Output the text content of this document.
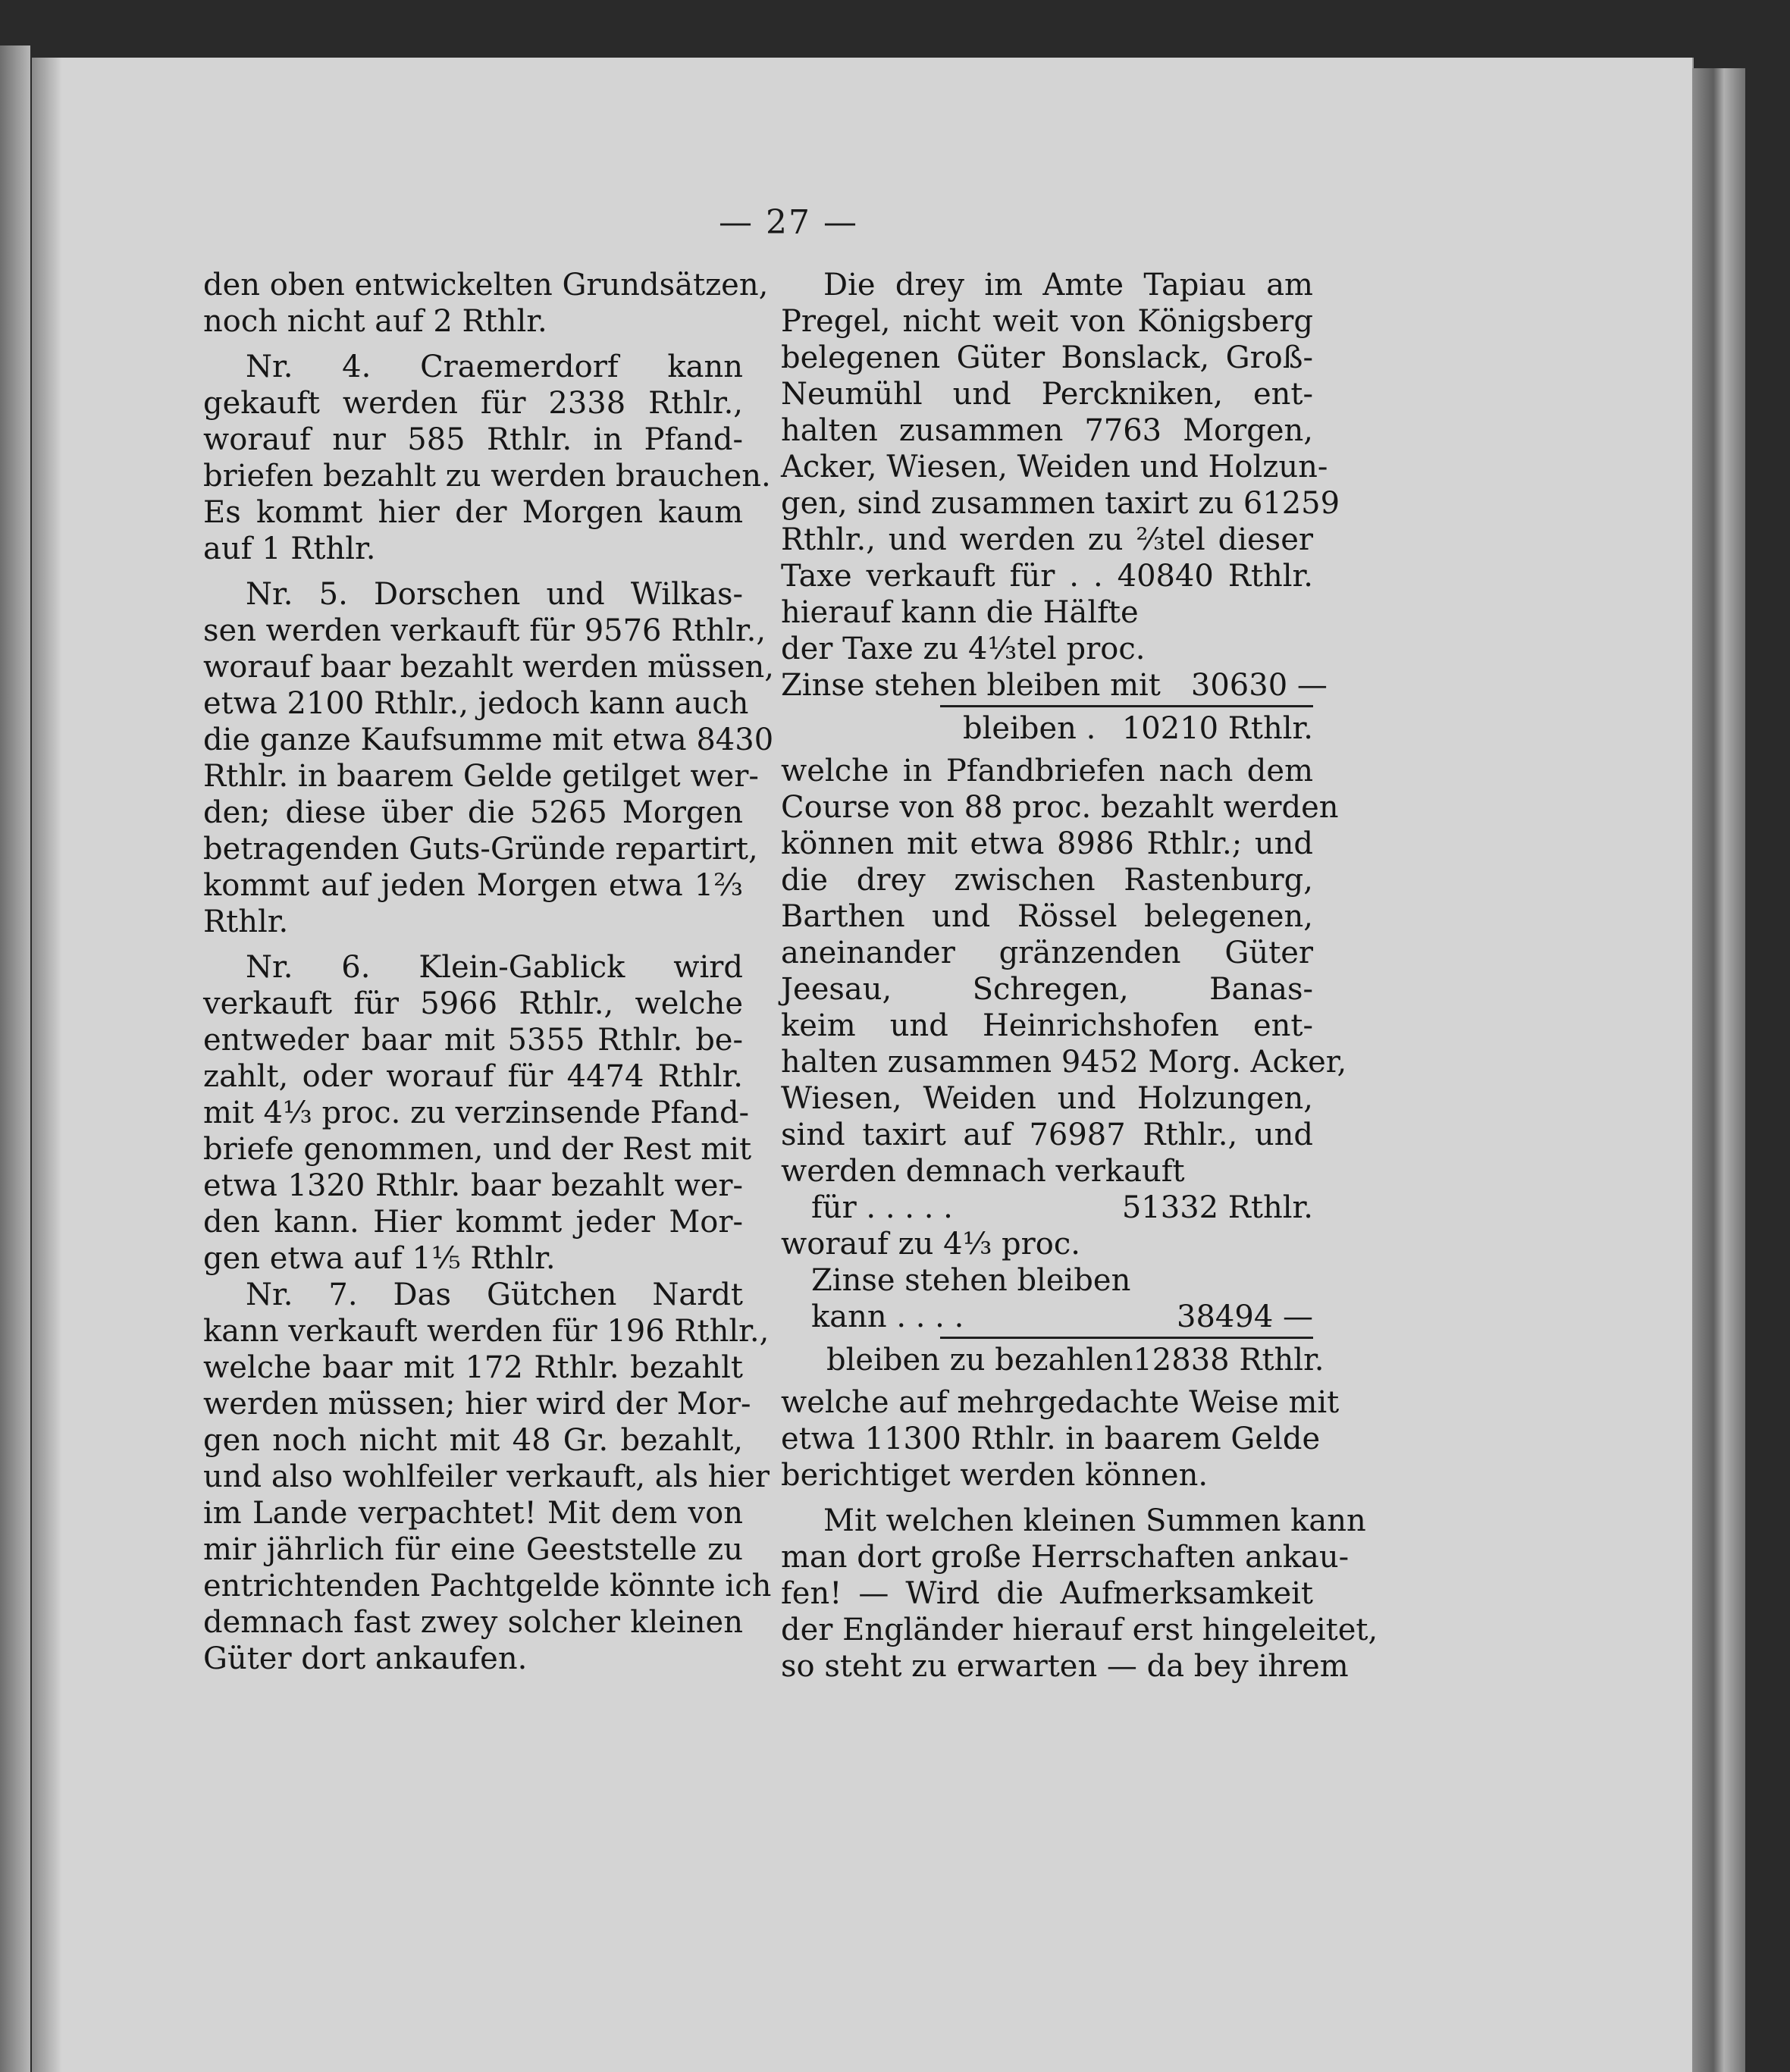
— 27 —
den oben entwickelten Grundsätzen,
noch nicht auf 2 Rthlr.
Nr. 4. Craemerdorf kann
gekauft werden für 2338 Rthlr.,
worauf nur 585 Rthlr. in Pfand-
briefen bezahlt zu werden brauchen.
Es kommt hier der Morgen kaum
auf 1 Rthlr.
Nr. 5. Dorschen und Wilkas-
sen werden verkauft für 9576 Rthlr.,
worauf baar bezahlt werden müssen,
etwa 2100 Rthlr., jedoch kann auch
die ganze Kaufsumme mit etwa 8430
Rthlr. in baarem Gelde getilget wer-
den; diese über die 5265 Morgen
betragenden Guts-Gründe repartirt,
kommt auf jeden Morgen etwa 1⅔
Rthlr.
Nr. 6. Klein-Gablick wird
verkauft für 5966 Rthlr., welche
entweder baar mit 5355 Rthlr. be-
zahlt, oder worauf für 4474 Rthlr.
mit 4⅓ proc. zu verzinsende Pfand-
briefe genommen, und der Rest mit
etwa 1320 Rthlr. baar bezahlt wer-
den kann. Hier kommt jeder Mor-
gen etwa auf 1⅕ Rthlr.
Nr. 7. Das Gütchen Nardt
kann verkauft werden für 196 Rthlr.,
welche baar mit 172 Rthlr. bezahlt
werden müssen; hier wird der Mor-
gen noch nicht mit 48 Gr. bezahlt,
und also wohlfeiler verkauft, als hier
im Lande verpachtet! Mit dem von
mir jährlich für eine Geeststelle zu
entrichtenden Pachtgelde könnte ich
demnach fast zwey solcher kleinen
Güter dort ankaufen.
Die drey im Amte Tapiau am
Pregel, nicht weit von Königsberg
belegenen Güter Bonslack, Groß-
Neumühl und Perckniken, ent-
halten zusammen 7763 Morgen,
Acker, Wiesen, Weiden und Holzun-
gen, sind zusammen taxirt zu 61259
Rthlr., und werden zu ⅔tel dieser
Taxe verkauft für . . 40840 Rthlr.
hierauf kann die Hälfte
der Taxe zu 4⅓tel proc.
Zinse stehen bleiben mit	30630 —
bleiben . 10210 Rthlr.
welche in Pfandbriefen nach dem
Course von 88 proc. bezahlt werden
können mit etwa 8986 Rthlr.; und
die drey zwischen Rastenburg,
Barthen und Rössel belegenen,
aneinander gränzenden Güter
Jeesau, Schregen, Banas-
keim und Heinrichshofen ent-
halten zusammen 9452 Morg. Acker,
Wiesen, Weiden und Holzungen,
sind taxirt auf 76987 Rthlr., und
werden demnach verkauft
für . . . . .	51332 Rthlr.
worauf zu 4⅓ proc.
Zinse stehen bleiben
kann . . . .	38494 —
bleiben zu bezahlen 12838 Rthlr.
welche auf mehrgedachte Weise mit
etwa 11300 Rthlr. in baarem Gelde
berichtiget werden können.
Mit welchen kleinen Summen kann
man dort große Herrschaften ankau-
fen! — Wird die Aufmerksamkeit
der Engländer hierauf erst hingeleitet,
so steht zu erwarten — da bey ihrem
